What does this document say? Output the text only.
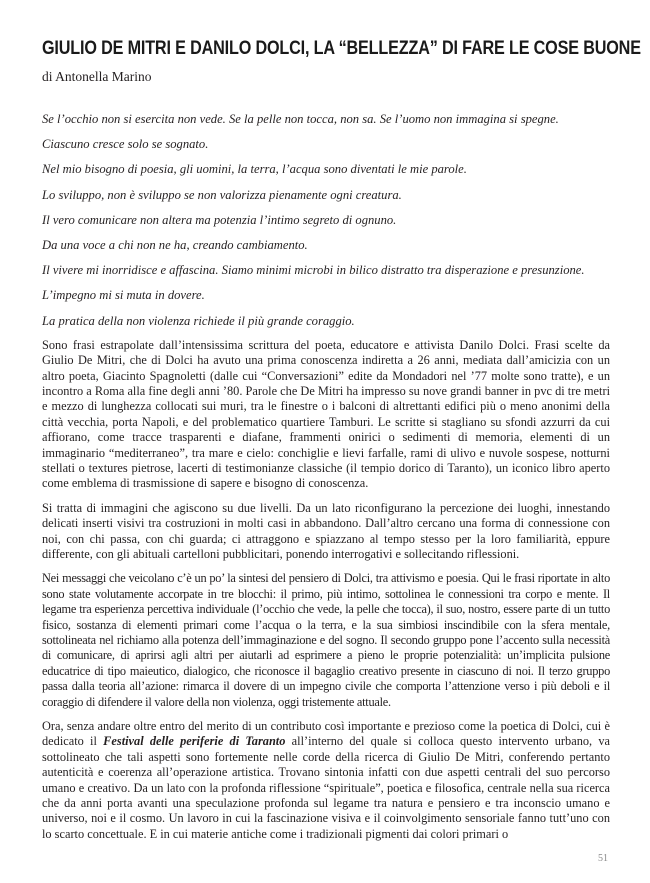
GIULIO DE MITRI E DANILO DOLCI, LA “BELLEZZA” DI FARE LE COSE BUONE
di Antonella Marino

Se l’occhio non si esercita non vede. Se la pelle non tocca, non sa. Se l’uomo non immagina si spegne.

Ciascuno cresce solo se sognato.

Nel mio bisogno di poesia, gli uomini, la terra, l’acqua sono diventati le mie parole.

Lo sviluppo, non è sviluppo se non valorizza pienamente ogni creatura.

Il vero comunicare non altera ma potenzia l’intimo segreto di ognuno.

Da una voce a chi non ne ha, creando cambiamento.

Il vivere mi inorridisce e affascina. Siamo minimi microbi in bilico distratto tra disperazione e presunzione.

L’impegno mi si muta in dovere.

La pratica della non violenza richiede il più grande coraggio.

Sono frasi estrapolate dall’intensissima scrittura del poeta, educatore e attivista Danilo Dolci. Frasi scelte da Giulio De Mitri, che di Dolci ha avuto una prima conoscenza indiretta a 26 anni, mediata dall’amicizia con un altro poeta, Giacinto Spagnoletti (dalle cui “Conversazioni” edite da Mondadori nel ’77 molte sono tratte), e un incontro a Roma alla fine degli anni ’80. Parole che De Mitri ha impresso su nove grandi banner in pvc di tre metri e mezzo di lunghezza collocati sui muri, tra le finestre o i balconi di altrettanti edifici più o meno anonimi della città vecchia, porta Napoli, e del problematico quartiere Tamburi. Le scritte si stagliano su sfondi azzurri da cui affiorano, come tracce trasparenti e diafane, frammenti onirici o sedimenti di memoria, elementi di un immaginario “mediterraneo”, tra mare e cielo: conchiglie e lievi farfalle, rami di ulivo e nuvole sospese, notturni stellati o textures pietrose, lacerti di testimonianze classiche (il tempio dorico di Taranto), un iconico libro aperto come emblema di trasmissione di sapere e bisogno di conoscenza.

Si tratta di immagini che agiscono su due livelli. Da un lato riconfigurano la percezione dei luoghi, innestando delicati inserti visivi tra costruzioni in molti casi in abbandono. Dall’altro cercano una forma di connessione con noi, con chi passa, con chi guarda; ci attraggono e spiazzano al tempo stesso per la loro familiarità, eppure differente, con gli abituali cartelloni pubblicitari, ponendo interrogativi e sollecitando riflessioni.

Nei messaggi che veicolano c’è un po’ la sintesi del pensiero di Dolci, tra attivismo e poesia. Qui le frasi riportate in alto sono state volutamente accorpate in tre blocchi: il primo, più intimo, sottolinea le connessioni tra corpo e mente. Il legame tra esperienza percettiva individuale (l’occhio che vede, la pelle che tocca), il suo, nostro, essere parte di un tutto fisico, sostanza di elementi primari come l’acqua o la terra, e la sua simbiosi inscindibile con la sfera mentale, sottolineata nel richiamo alla potenza dell’immaginazione e del sogno. Il secondo gruppo pone l’accento sulla necessità di comunicare, di aprirsi agli altri per aiutarli ad esprimere a pieno le proprie potenzialità: un’implicita pulsione educatrice di tipo maieutico, dialogico, che riconosce il bagaglio creativo presente in ciascuno di noi. Il terzo gruppo passa dalla teoria all’azione: rimarca il dovere di un impegno civile che comporta l’attenzione verso i più deboli e il coraggio di difendere il valore della non violenza, oggi tristemente attuale.

Ora, senza andare oltre entro del merito di un contributo così importante e prezioso come la poetica di Dolci, cui è dedicato il Festival delle periferie di Taranto all’interno del quale si colloca questo intervento urbano, va sottolineato che tali aspetti sono fortemente nelle corde della ricerca di Giulio De Mitri, conferendo pertanto autenticità e coerenza all’operazione artistica. Trovano sintonia infatti con due aspetti centrali del suo percorso umano e creativo. Da un lato con la profonda riflessione “spirituale”, poetica e filosofica, centrale nella sua ricerca che da anni porta avanti una speculazione profonda sul legame tra natura e pensiero e tra inconscio umano e universo, noi e il cosmo. Un lavoro in cui la fascinazione visiva e il coinvolgimento sensoriale fanno tutt’uno con lo scarto concettuale. E in cui materie antiche come i tradizionali pigmenti dai colori primari o

51
